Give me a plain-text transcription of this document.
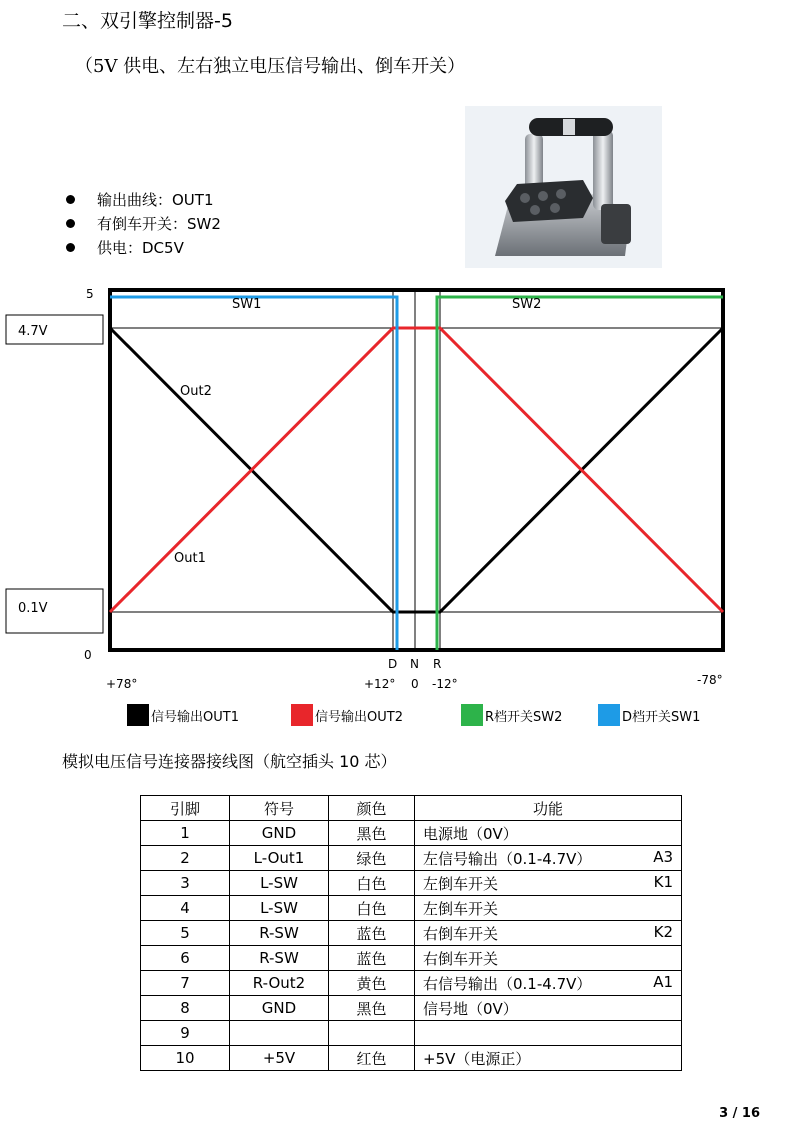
二、双引擎控制器-5
（5V 供电、左右独立电压信号输出、倒车开关）
输出曲线：OUT1
有倒车开关：SW2
供电：DC5V
4.7V
0.1V
5
0
SW1	SW2
Out2
Out1
D N R
+78°	+12° 0 -12°	-78°
信号输出OUT1	信号输出OUT2	R档开关SW2	D档开关SW1
模拟电压信号连接器接线图（航空插头 10 芯）
引脚	符号	颜色	功能
1	GND	黑色	电源地（0V）

2	L-Out1	绿色	左信号输出（0.1-4.7V） A3

3	L-SW	白色	左倒车开关 K1

4	L-SW	白色	左倒车开关

5	R-SW	蓝色	右倒车开关 K2

6	R-SW	蓝色	右倒车开关

7	R-Out2	黄色	右信号输出（0.1-4.7V） A1

8	GND	黑色	信号地（0V）

9			

10	+5V	红色	+5V（电源正）
3 / 16
